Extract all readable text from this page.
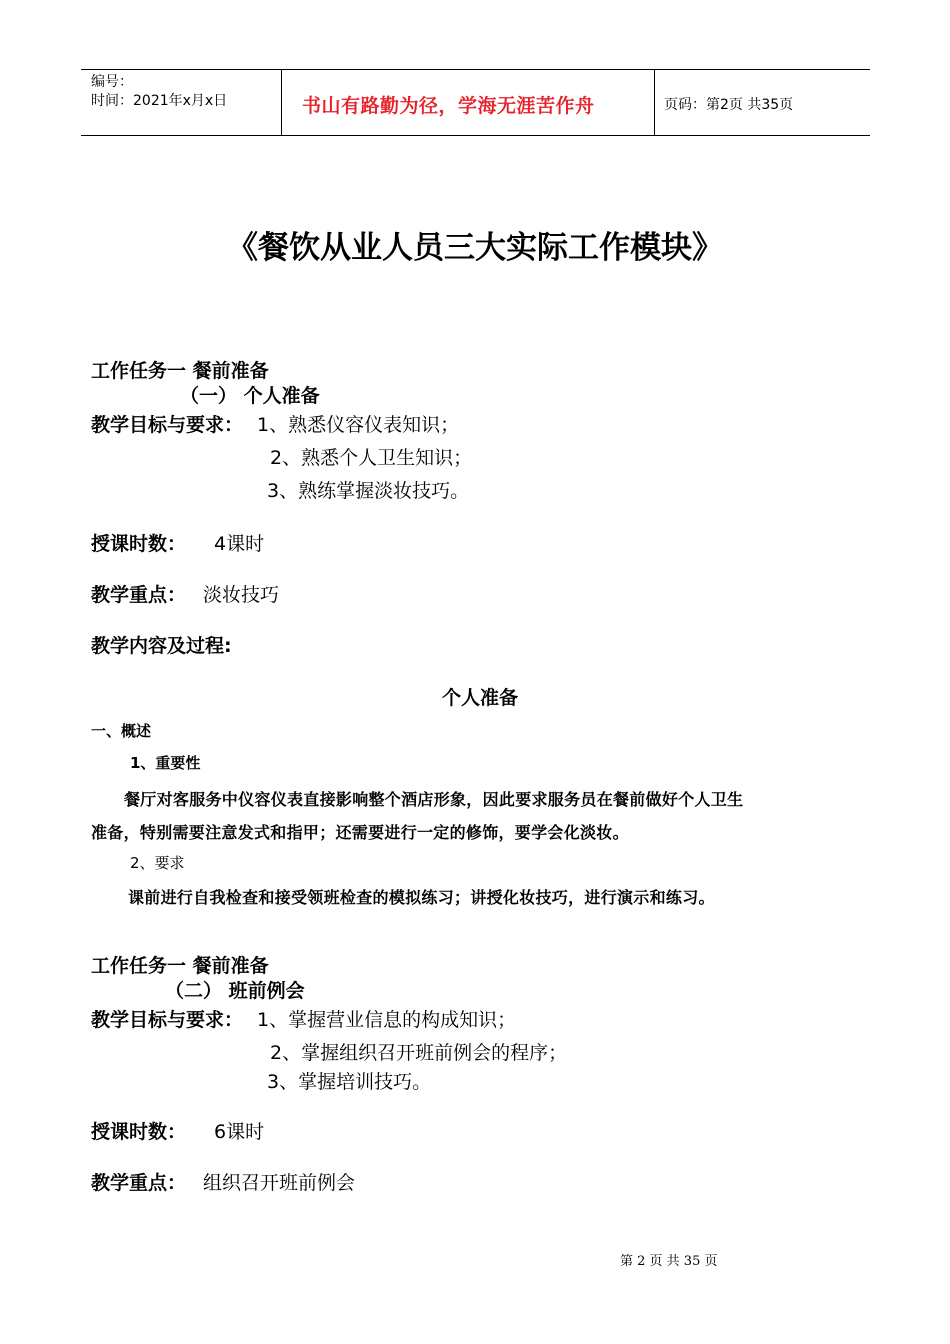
编号：
时间：2021年x月x日	书山有路勤为径，学海无涯苦作舟	页码：第2页 共35页
《餐饮从业人员三大实际工作模块》
工作任务一 餐前准备
（一） 个人准备
教学目标与要求： 1、熟悉仪容仪表知识；
2、熟悉个人卫生知识；
3、熟练掌握淡妆技巧。
授课时数： 4课时
教学重点： 淡妆技巧
教学内容及过程:
个人准备
一、概述
1、重要性
餐厅对客服务中仪容仪表直接影响整个酒店形象，因此要求服务员在餐前做好个人卫生
准备，特别需要注意发式和指甲；还需要进行一定的修饰，要学会化淡妆。
2、要求
课前进行自我检查和接受领班检查的模拟练习；讲授化妆技巧，进行演示和练习。
工作任务一 餐前准备
（二） 班前例会
教学目标与要求： 1、掌握营业信息的构成知识；
2、掌握组织召开班前例会的程序；
3、掌握培训技巧。
授课时数： 6课时
教学重点： 组织召开班前例会
第 2 页 共 35 页
